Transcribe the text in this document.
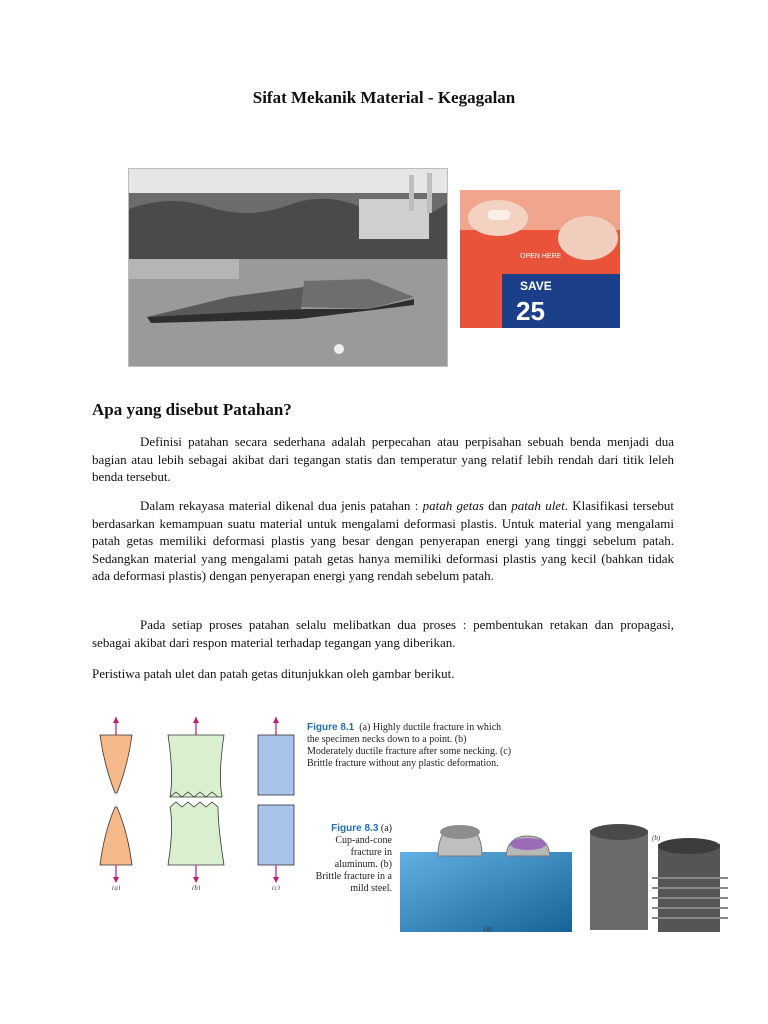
Sifat Mekanik Material - Kegagalan
OPEN HERE
SAVE
25
Apa yang disebut Patahan?
Definisi patahan secara sederhana adalah perpecahan atau perpisahan sebuah benda menjadi dua bagian atau lebih sebagai akibat dari tegangan statis dan temperatur yang relatif lebih rendah dari titik leleh benda tersebut.
Dalam rekayasa material dikenal dua jenis patahan : patah getas dan patah ulet. Klasifikasi tersebut berdasarkan kemampuan suatu material untuk mengalami deformasi plastis. Untuk material yang mengalami patah getas memiliki deformasi plastis yang besar dengan penyerapan energi yang tinggi sebelum patah. Sedangkan material yang mengalami patah getas hanya memiliki deformasi plastis yang kecil (bahkan tidak ada deformasi plastis) dengan penyerapan energi yang rendah sebelum patah.
Pada setiap proses patahan selalu melibatkan dua proses : pembentukan retakan dan propagasi, sebagai akibat dari respon material terhadap tegangan yang diberikan.
Peristiwa patah ulet dan patah getas ditunjukkan oleh gambar berikut.
(a)	(b)	(c)
Figure 8.1 (a) Highly ductile fracture in which the specimen necks down to a point. (b) Moderately ductile fracture after some necking. (c) Brittle fracture without any plastic deformation.
Figure 8.3 (a) Cup-and-cone fracture in aluminum. (b) Brittle fracture in a mild steel.
(a)
(b)
